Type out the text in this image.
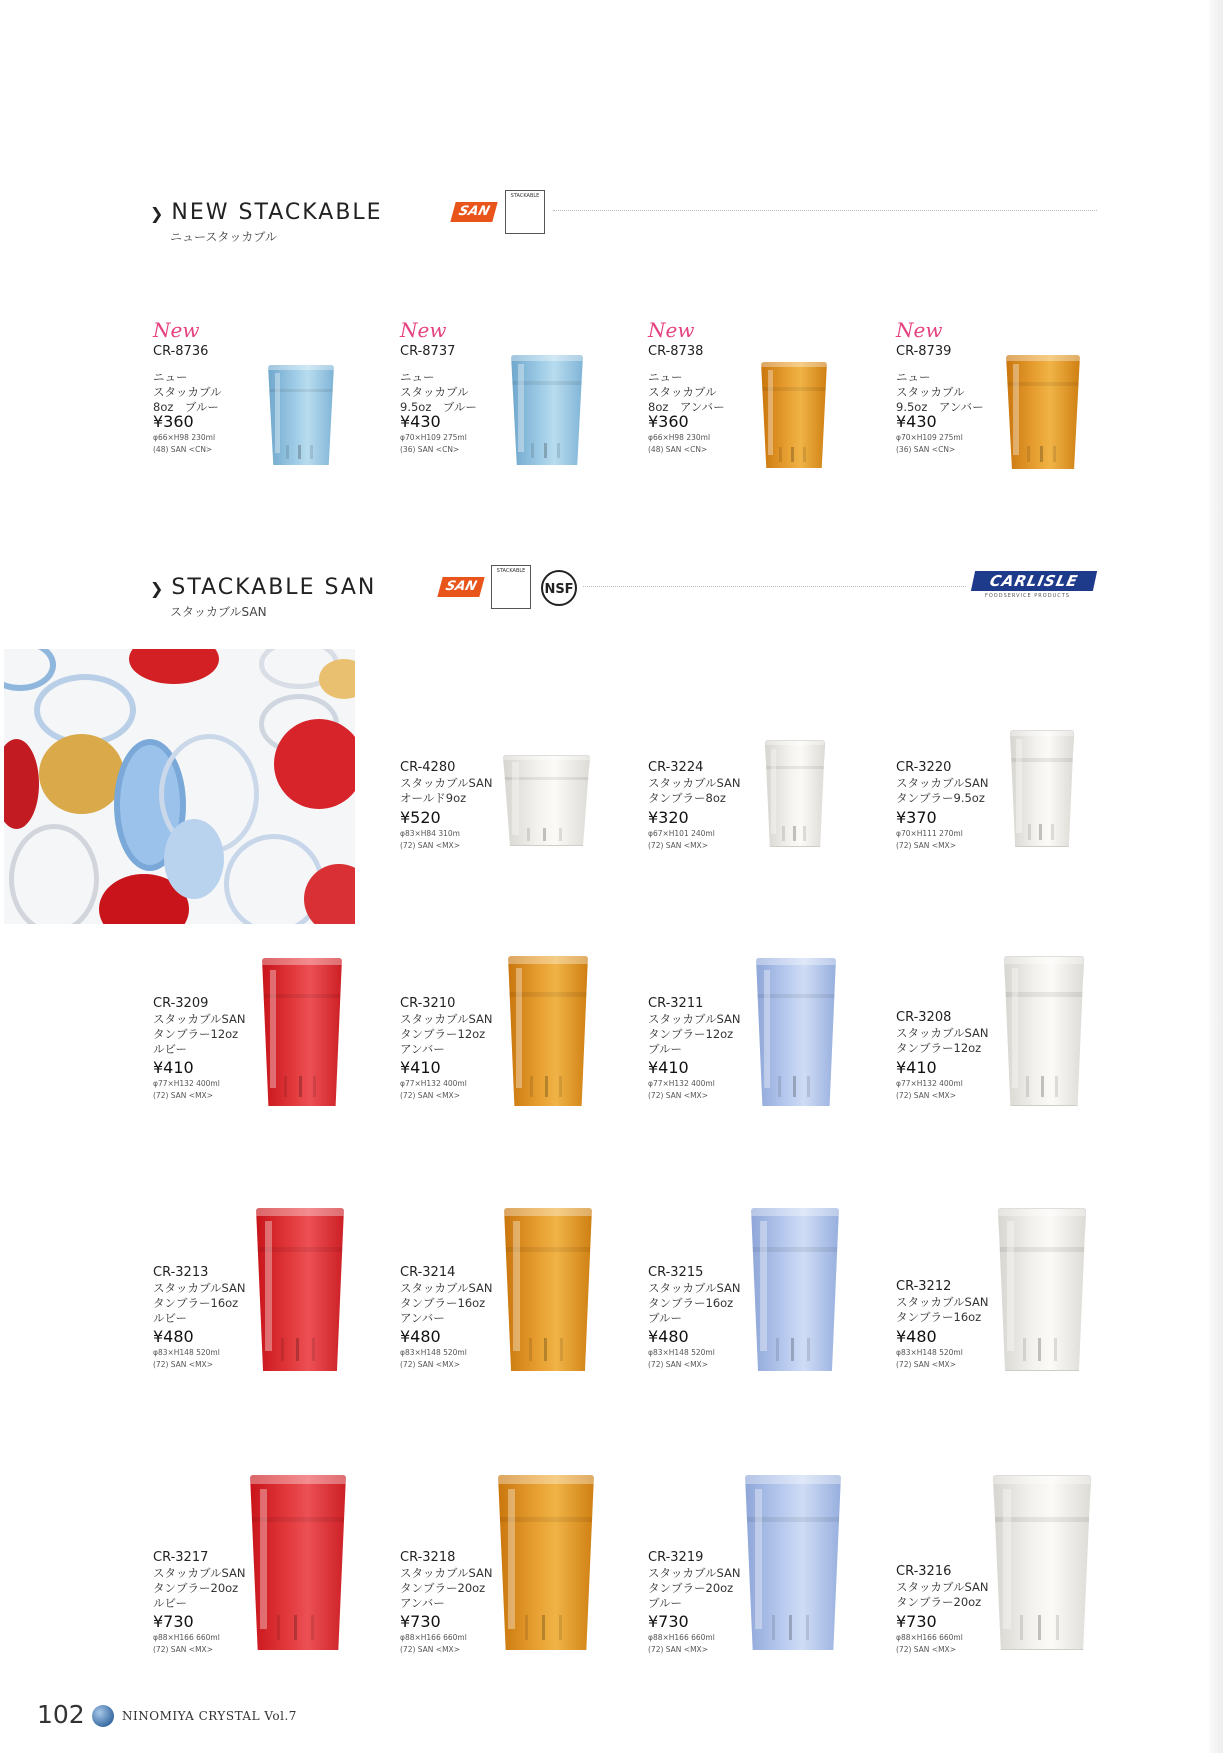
❯ NEW STACKABLE
ニュースタッカブル
SAN
STACKABLE
❯ STACKABLE SAN
スタッカブルSAN
SAN
STACKABLE
NSF	CARLISLE
FOODSERVICE PRODUCTS
New
CR-8736
ニュー
スタッカブル
8oz　ブルー
¥360
φ66×H98 230ml
(48) SAN <CN>
New
CR-8737
ニュー
スタッカブル
9.5oz　ブルー
¥430
φ70×H109 275ml
(36) SAN <CN>
New
CR-8738
ニュー
スタッカブル
8oz　アンバー
¥360
φ66×H98 230ml
(48) SAN <CN>
New
CR-8739
ニュー
スタッカブル
9.5oz　アンバー
¥430
φ70×H109 275ml
(36) SAN <CN>
CR-4280
スタッカブルSAN
オールド9oz
¥520
φ83×H84 310m
(72) SAN <MX>
CR-3224
スタッカブルSAN
タンブラー8oz
¥320
φ67×H101 240ml
(72) SAN <MX>
CR-3220
スタッカブルSAN
タンブラー9.5oz
¥370
φ70×H111 270ml
(72) SAN <MX>
CR-3209
スタッカブルSAN
タンブラー12oz
ルビー
¥410
φ77×H132 400ml
(72) SAN <MX>
CR-3210
スタッカブルSAN
タンブラー12oz
アンバー
¥410
φ77×H132 400ml
(72) SAN <MX>
CR-3211
スタッカブルSAN
タンブラー12oz
ブルー
¥410
φ77×H132 400ml
(72) SAN <MX>
CR-3208
スタッカブルSAN
タンブラー12oz
¥410
φ77×H132 400ml
(72) SAN <MX>
CR-3213
スタッカブルSAN
タンブラー16oz
ルビー
¥480
φ83×H148 520ml
(72) SAN <MX>
CR-3214
スタッカブルSAN
タンブラー16oz
アンバー
¥480
φ83×H148 520ml
(72) SAN <MX>
CR-3215
スタッカブルSAN
タンブラー16oz
ブルー
¥480
φ83×H148 520ml
(72) SAN <MX>
CR-3212
スタッカブルSAN
タンブラー16oz
¥480
φ83×H148 520ml
(72) SAN <MX>
CR-3217
スタッカブルSAN
タンブラー20oz
ルビー
¥730
φ88×H166 660ml
(72) SAN <MX>
CR-3218
スタッカブルSAN
タンブラー20oz
アンバー
¥730
φ88×H166 660ml
(72) SAN <MX>
CR-3219
スタッカブルSAN
タンブラー20oz
ブルー
¥730
φ88×H166 660ml
(72) SAN <MX>
CR-3216
スタッカブルSAN
タンブラー20oz
¥730
φ88×H166 660ml
(72) SAN <MX>
102	NINOMIYA CRYSTAL Vol.7
